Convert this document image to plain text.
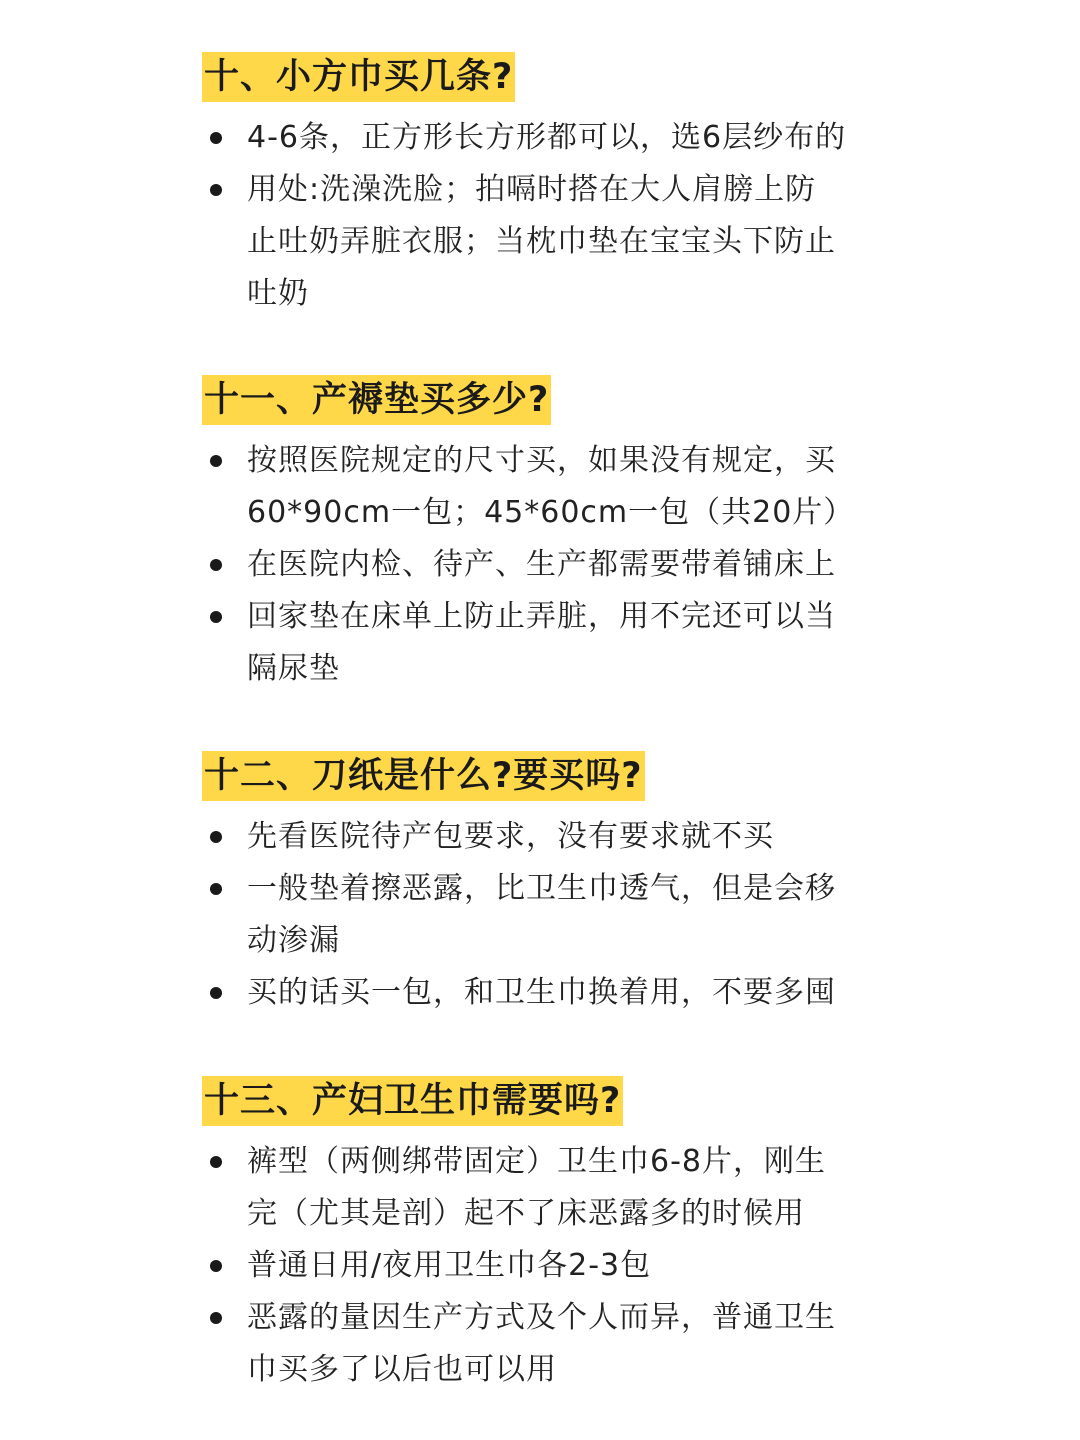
十、小方巾买几条?
4-6条，正方形长方形都可以，选6层纱布的
用处:洗澡洗脸；拍嗝时搭在大人肩膀上防
止吐奶弄脏衣服；当枕巾垫在宝宝头下防止
吐奶
十一、产褥垫买多少?
按照医院规定的尺寸买，如果没有规定，买
60*90cm一包；45*60cm一包（共20片）
在医院内检、待产、生产都需要带着铺床上
回家垫在床单上防止弄脏，用不完还可以当
隔尿垫
十二、刀纸是什么?要买吗?
先看医院待产包要求，没有要求就不买
一般垫着擦恶露，比卫生巾透气，但是会移
动渗漏
买的话买一包，和卫生巾换着用，不要多囤
十三、产妇卫生巾需要吗?
裤型（两侧绑带固定）卫生巾6-8片，刚生
完（尤其是剖）起不了床恶露多的时候用
普通日用/夜用卫生巾各2-3包
恶露的量因生产方式及个人而异，普通卫生
巾买多了以后也可以用
